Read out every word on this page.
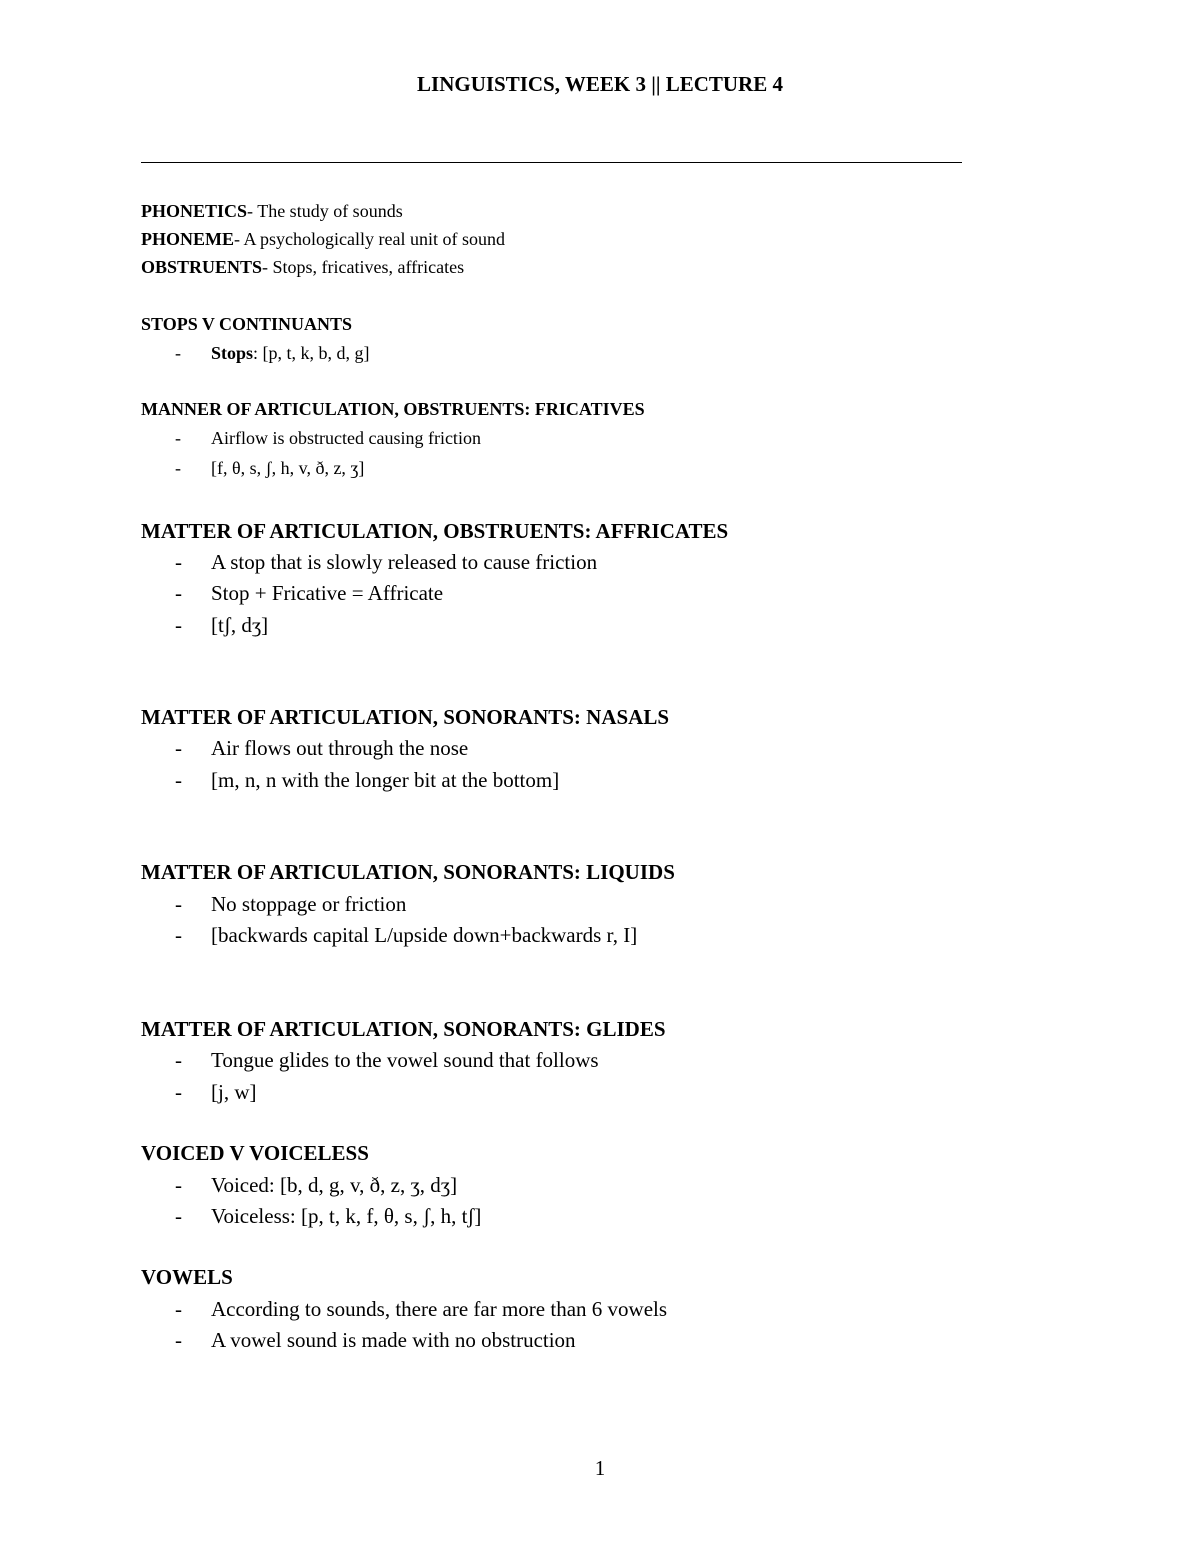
LINGUISTICS, WEEK 3 || LECTURE 4
PHONETICS- The study of sounds
PHONEME- A psychologically real unit of sound
OBSTRUENTS- Stops, fricatives, affricates
STOPS V CONTINUANTS
- Stops: [p, t, k, b, d, g]
MANNER OF ARTICULATION, OBSTRUENTS: FRICATIVES
- Airflow is obstructed causing friction
- [f, θ, s, ʃ, h, v, ð, z, ʒ]
MATTER OF ARTICULATION, OBSTRUENTS: AFFRICATES
- A stop that is slowly released to cause friction
- Stop + Fricative = Affricate
- [tʃ, dʒ]
MATTER OF ARTICULATION, SONORANTS: NASALS
- Air flows out through the nose
- [m, n, n with the longer bit at the bottom]
MATTER OF ARTICULATION, SONORANTS: LIQUIDS
- No stoppage or friction
- [backwards capital L/upside down+backwards r, I]
MATTER OF ARTICULATION, SONORANTS: GLIDES
- Tongue glides to the vowel sound that follows
- [j, w]
VOICED V VOICELESS
- Voiced: [b, d, g, v, ð, z, ʒ, dʒ]
- Voiceless: [p, t, k, f, θ, s, ʃ, h, tʃ]
VOWELS
- According to sounds, there are far more than 6 vowels
- A vowel sound is made with no obstruction
1
